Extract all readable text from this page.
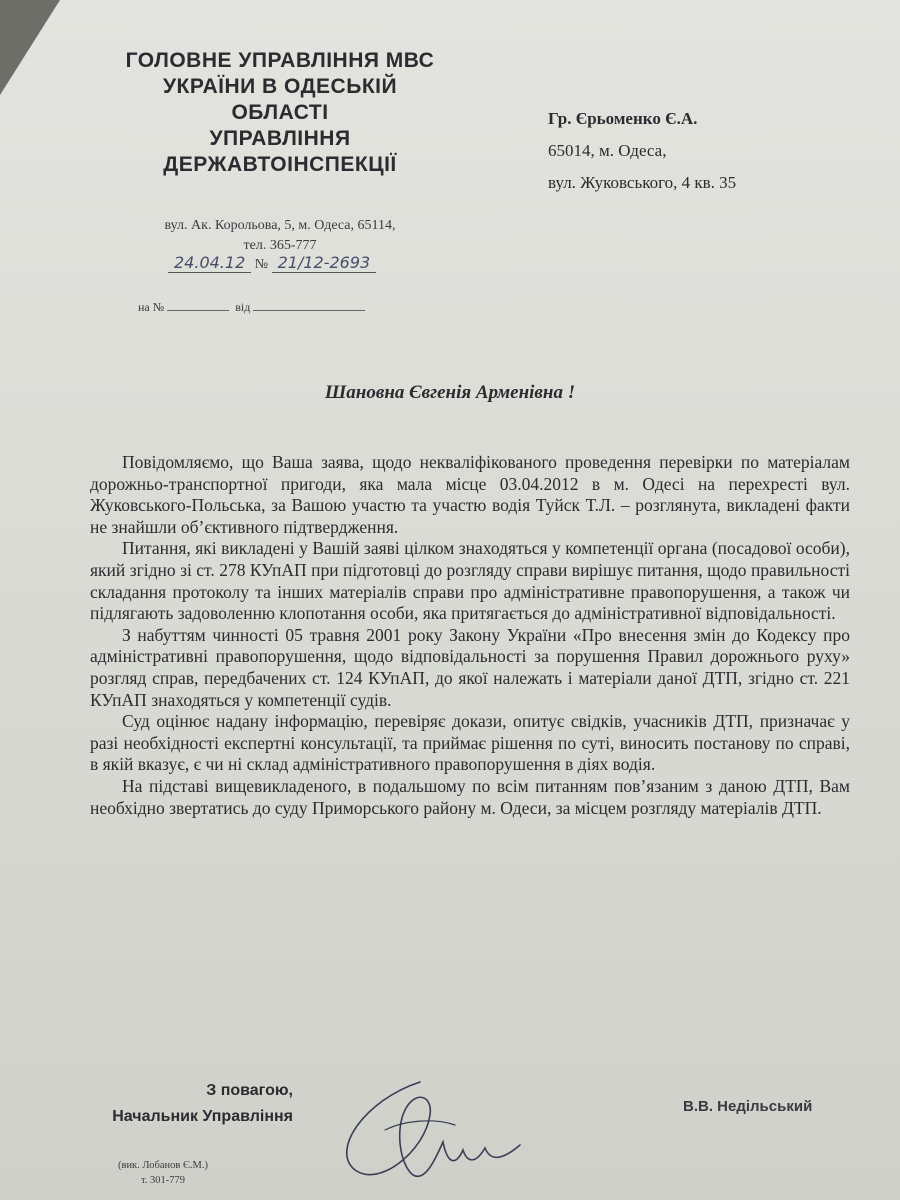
ГОЛОВНЕ УПРАВЛІННЯ МВС
УКРАЇНИ В ОДЕСЬКІЙ
ОБЛАСТІ
УПРАВЛІННЯ
ДЕРЖАВТОІНСПЕКЦІЇ
вул. Ак. Корольова, 5, м. Одеса, 65114,
тел. 365-777
24.04.12 № 21/12-2693
на №	від
Гр. Єрьоменко Є.А.
65014, м. Одеса,
вул. Жуковського, 4 кв. 35
Шановна Євгенія Арменівна !

Повідомляємо, що Ваша заява, щодо некваліфікованого проведення перевірки по матеріалам дорожньо-транспортної пригоди, яка мала місце 03.04.2012 в м. Одесі на перехресті вул. Жуковського-Польська, за Вашою участю та участю водія Туйск Т.Л. – розглянута, викладені факти не знайшли об’єктивного підтвердження.

Питання, які викладені у Вашій заяві цілком знаходяться у компетенції органа (посадової особи), який згідно зі ст. 278 КУпАП при підготовці до розгляду справи вирішує питання, щодо правильності складання протоколу та інших матеріалів справи про адміністративне правопорушення, а також чи підлягають задоволенню клопотання особи, яка притягається до адміністративної відповідальності.

З набуттям чинності 05 травня 2001 року Закону України «Про внесення змін до Кодексу про адміністративні правопорушення, щодо відповідальності за порушення Правил дорожнього руху» розгляд справ, передбачених ст. 124 КУпАП, до якої належать і матеріали даної ДТП, згідно ст. 221 КУпАП знаходяться у компетенції судів.

Суд оцінює надану інформацію, перевіряє докази, опитує свідків, учасників ДТП, призначає у разі необхідності експертні консультації, та приймає рішення по суті, виносить постанову по справі, в якій вказує, є чи ні склад адміністративного правопорушення в діях водія.

На підставі вищевикладеного, в подальшому по всім питанням пов’язаним з даною ДТП, Вам необхідно звертатись до суду Приморського району м. Одеси, за місцем розгляду матеріалів ДТП.

З повагою,
Начальник Управління
В.В. Недільський
(вик. Лобанов Є.М.)
т. 301-779
